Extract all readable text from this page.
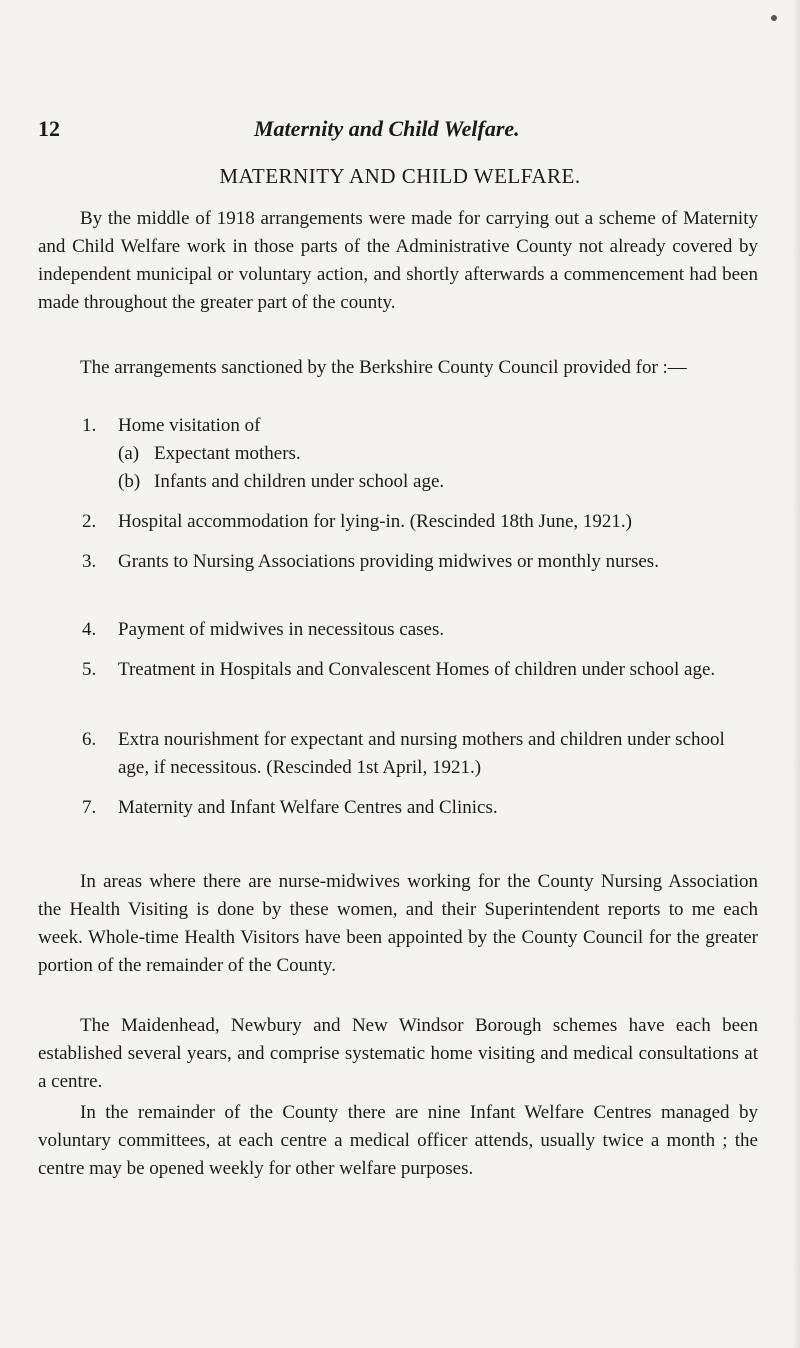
12	Maternity and Child Welfare.
MATERNITY AND CHILD WELFARE.

By the middle of 1918 arrangements were made for carrying out a scheme of Maternity and Child Welfare work in those parts of the Administrative County not already covered by independent municipal or voluntary action, and shortly afterwards a commencement had been made throughout the greater part of the county.

The arrangements sanctioned by the Berkshire County Council provided for :—

1.	Home visitation of
(a) Expectant mothers.
(b) Infants and children under school age.
2.	Hospital accommodation for lying-in. (Rescinded 18th June, 1921.)
3.	Grants to Nursing Associations providing midwives or monthly nurses.
4.	Payment of midwives in necessitous cases.
5.	Treatment in Hospitals and Convalescent Homes of children under school age.
6.	Extra nourishment for expectant and nursing mothers and children under school age, if necessitous. (Rescinded 1st April, 1921.)
7.	Maternity and Infant Welfare Centres and Clinics.

In areas where there are nurse-midwives working for the County Nursing Association the Health Visiting is done by these women, and their Superintendent reports to me each week. Whole-time Health Visitors have been appointed by the County Council for the greater portion of the remainder of the County.

The Maidenhead, Newbury and New Windsor Borough schemes have each been established several years, and comprise systematic home visiting and medical consultations at a centre.

In the remainder of the County there are nine Infant Welfare Centres managed by voluntary committees, at each centre a medical officer attends, usually twice a month ; the centre may be opened weekly for other welfare purposes.
